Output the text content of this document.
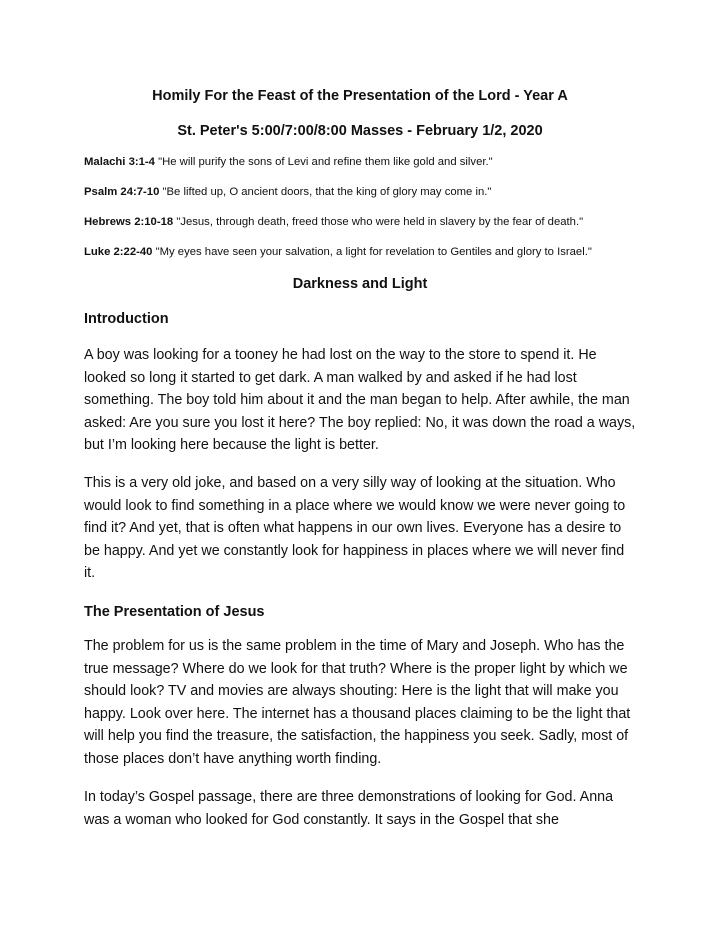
Homily For the Feast of the Presentation of the Lord - Year A
St. Peter's 5:00/7:00/8:00 Masses - February 1/2, 2020
Malachi 3:1-4 "He will purify the sons of Levi and refine them like gold and silver."
Psalm 24:7-10 "Be lifted up, O ancient doors, that the king of glory may come in."
Hebrews 2:10-18 "Jesus, through death, freed those who were held in slavery by the fear of death."
Luke 2:22-40 "My eyes have seen your salvation, a light for revelation to Gentiles and glory to Israel."
Darkness and Light
Introduction
A boy was looking for a tooney he had lost on the way to the store to spend it. He looked so long it started to get dark. A man walked by and asked if he had lost something. The boy told him about it and the man began to help. After awhile, the man asked: Are you sure you lost it here? The boy replied: No, it was down the road a ways, but I’m looking here because the light is better.
This is a very old joke, and based on a very silly way of looking at the situation. Who would look to find something in a place where we would know we were never going to find it? And yet, that is often what happens in our own lives. Everyone has a desire to be happy. And yet we constantly look for happiness in places where we will never find it.
The Presentation of Jesus
The problem for us is the same problem in the time of Mary and Joseph. Who has the true message? Where do we look for that truth? Where is the proper light by which we should look? TV and movies are always shouting: Here is the light that will make you happy. Look over here. The internet has a thousand places claiming to be the light that will help you find the treasure, the satisfaction, the happiness you seek. Sadly, most of those places don’t have anything worth finding.
In today’s Gospel passage, there are three demonstrations of looking for God. Anna was a woman who looked for God constantly. It says in the Gospel that she
